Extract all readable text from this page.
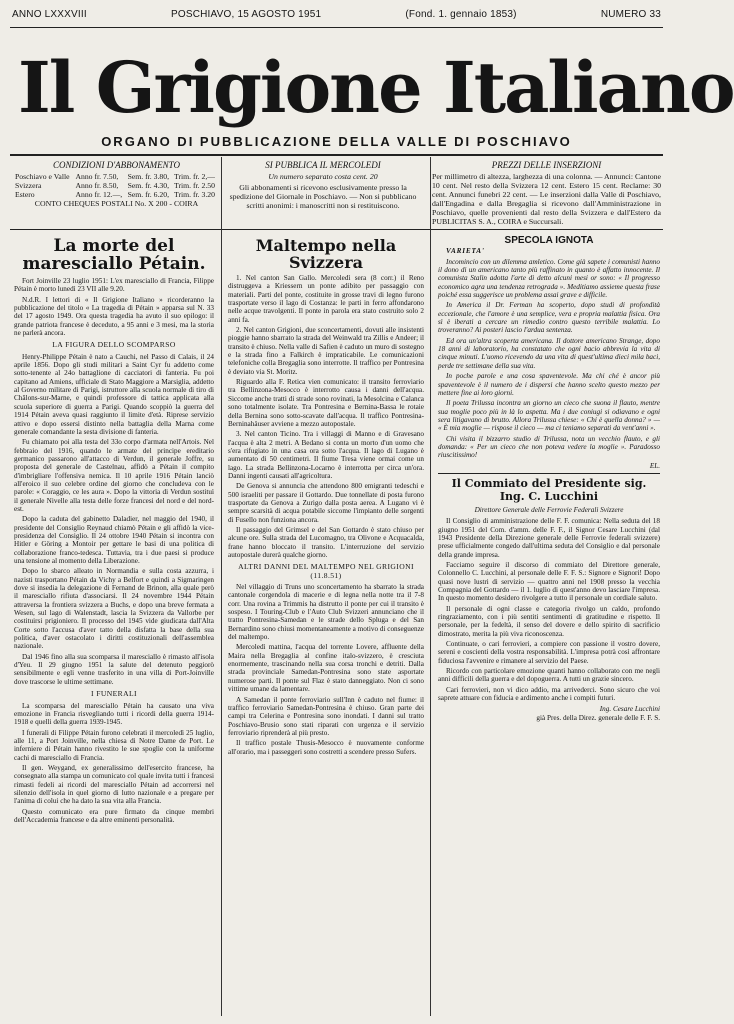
ANNO LXXXVIII	POSCHIAVO, 15 AGOSTO 1951	(Fond. 1. gennaio 1853)	NUMERO 33
Il Grigione Italiano
ORGANO DI PUBBLICAZIONE DELLA VALLE DI POSCHIAVO
CONDIZIONI D'ABBONAMENTO
Poschiavo e Valle	Anno fr. 7.50,	Sem. fr. 3.80,	Trim. fr. 2,—
Svizzera	Anno fr. 8.50,	Sem. fr. 4.30,	Trim. fr. 2.50
Estero	Anno fr. 12.—,	Sem. fr. 6.20,	Trim. fr. 3.20
CONTO CHEQUES POSTALI No. X 200 - COIRA
SI PUBBLICA IL MERCOLEDI
Un numero separato costa cent. 20
Gli abbonamenti si ricevono esclusivamente presso la spedizione del Giornale in Poschiavo. — Non si pubblicano scritti anonimi: i manoscritti non si restituiscono.
PREZZI DELLE INSERZIONI
Per millimetro di altezza, larghezza di una colonna. — Annunci: Cantone 10 cent. Nel resto della Svizzera 12 cent. Estero 15 cent. Reclame: 30 cent. Annunci funebri 22 cent. — Le inserzioni dalla Valle di Poschiavo, dall'Engadina e dalla Bregaglia si ricevono dall'Amministrazione in Poschiavo, quelle provenienti dal resto della Svizzera e dall'Estero da PUBLICITAS S. A., COIRA e Succursali.
La morte del maresciallo Pétain.

Fort Joinville 23 luglio 1951: L'ex maresciallo di Francia, Filippe Pétain è morto lunedì 23 VII alle 9.20.

N.d.R. I lettori di « Il Grigione Italiano » ricorderanno la pubblicazione del titolo « La tragedia di Pétain » apparsa sul N. 33 del 17 agosto 1949. Ora questa tragedia ha avuto il suo epilogo: il grande patriota francese è deceduto, a 95 anni e 3 mesi, ma la storia ne parlerà ancora.

LA FIGURA DELLO SCOMPARSO

Henry-Philippe Pétain è nato a Cauchi, nel Passo di Calais, il 24 aprile 1856. Dopo gli studi militari a Saint Cyr fu addetto come sotto-tenente al 24o battaglione di cacciatori di fanteria. Fu poi capitano ad Amiens, ufficiale di Stato Maggiore a Marsiglia, addetto al Governo militare di Parigi, istruttore alla scuola normale di tiro di Châlons-sur-Marne, e quindi professore di tattica applicata alla scuola superiore di guerra a Parigi. Quando scoppiò la guerra del 1914 Pétain aveva quasi raggiunto il limite d'età. Riprese servizio attivo e dopo essersi distinto nella battaglia della Marna come generale comandante la sesta divisione di fanteria.

Fu chiamato poi alla testa del 33o corpo d'armata nell'Artois. Nel febbraio del 1916, quando le armate del principe ereditario germanico passarono all'attacco di Verdun, il generale Joffre, su proposta del generale de Castelnau, affidò a Pétain il compito d'imbrigliare l'offensiva nemica. Il 10 aprile 1916 Pétain lanciò all'eroico il suo celebre ordine del giorno che concludeva con le parole: « Coraggio, ce les aura ». Dopo la vittoria di Verdun sostituì il generale Nivelle alla testa delle forze francesi del nord e del nord-est.

Dopo la caduta del gabinetto Daladier, nel maggio del 1940, il presidente del Consiglio Reynaud chiamò Pétain e gli affidò la vice-presidenza del Consiglio. Il 24 ottobre 1940 Pétain si incontra con Hitler e Göring a Montoir per gettare le basi di una politica di collaborazione franco-tedesca. Tuttavia, tra i due paesi si produce una tensione al momento della Liberazione.

Dopo lo sbarco alleato in Normandia e sulla costa azzurra, i nazisti trasportano Pétain da Vichy a Belfort e quindi a Sigmaringen dove si insedia la delegazione di Fernand de Brinon, alla quale però il maresciallo rifiuta d'associarsi. Il 24 novembre 1944 Pétain attraversa la frontiera svizzera a Buchs, e dopo una breve fermata a Wesen, sul lago di Walenstadt, lascia la Svizzera da Vallorbe per costituirsi prigioniero. Il processo del 1945 vide giudicata dall'Alta Corte sotto l'accusa d'aver tatto della disfatta la base della sua politica, d'aver ostacolato i diritti costituzionali dell'assemblea nazionale.

Dal 1946 fino alla sua scomparsa il maresciallo è rimasto all'isola d'Yeu. Il 29 giugno 1951 la salute del detenuto peggiorò sensibilmente e egli venne trasferito in una villa di Port-Joinville dove trascorse le ultime settimane.

I FUNERALI

La scomparsa del maresciallo Pétain ha causato una viva emozione in Francia risvegliando tutti i ricordi della guerra 1914-1918 e quelli della guerra 1939-1945.

I funerali di Filippe Pétain furono celebrati il mercoledì 25 luglio, alle 11, a Port Joinville, nella chiesa di Notre Dame de Port. Le inferniere di Pétain hanno rivestito le sue spoglie con la uniforme cachi di maresciallo di Francia.

Il gen. Weygand, ex generalissimo dell'esercito francese, ha consegnato alla stampa un comunicato col quale invita tutti i francesi rimasti fedeli ai ricordi del maresciallo Pétain ad accorrersi nel silenzio dell'isola in quel giorno di lutto nazionale e a pregare per l'anima di colui che ha dato la sua vita alla Francia.

Questo comunicato era pure firmato da cinque membri dell'Accademia francese e da altre eminenti personalità.

Maltempo nella Svizzera

1. Nel canton San Gallo. Mercoledì sera (8 corr.) il Reno distruggeva a Kriessern un ponte adibito per passaggio con materiali. Parti del ponte, costituite in grosse travi di legno furono trasportate verso il lago di Costanza: le parti in ferro affondarono nelle acque travolgenti. Il ponte in parola era stato costruito solo 2 anni fa.

2. Nel canton Grigioni, due sconcertamenti, dovuti alle insistenti pioggie hanno sbarrato la strada del Weinwald tra Zillis e Andeer; il transito è chiuso. Nella valle di Safien è caduto un muro di sostegno e la strada fino a Falkirch è impraticabile. Le comunicazioni telefoniche colla Bregaglia sono interrotte. Il traffico per Pontresina è deviato via St. Moritz.

Riguardo alla F. Retica vien comunicato: il transito ferroviario tra Bellinzona-Mesocco è interrotto causa i danni dell'acqua. Siccome anche tratti di strade sono rovinati, la Mesolcina e Calanca sono totalmente isolate. Tra Pontresina e Bernina-Bassa le rotaie della Bernina sono sotto-scavate dall'acqua. Il traffico Pontresina-Berninahäuser avviene a mezzo autopostale.

3. Nel canton Ticino. Tra i villaggi di Manno e di Gravesano l'acqua è alta 2 metri. A Bedano si conta un morto d'un uomo che s'era rifugiato in una casa ora sotto l'acqua. Il lago di Lugano è aumentato di 50 centimetri. Il fiume Tresa viene ormai come un lago. La strada Bellinzona-Locarno è interrotta per circa un'ora. Danni ingenti causati all'agricoltura.

De Genova si annuncia che attendono 800 emigranti tedeschi e 500 israeliti per passare il Gottardo. Due tonnellate di posta furono trasportate da Genova a Zurigo dalla posta aerea. A Lugano vi è sempre scarsità di acqua potabile siccome l'impianto delle sorgenti di Fusello non funziona ancora.

Il passaggio del Grimsel e del San Gottardo è stato chiuso per alcune ore. Sulla strada del Lucomagno, tra Olivone e Acquacalda, frane hanno bloccato il transito. L'interruzione del servizio autopostale durerà qualche giorno.

ALTRI DANNI DEL MALTEMPO NEL GRIGIONI (11.8.51)

Nel villaggio di Truns uno sconcertamento ha sbarrato la strada cantonale corgendola di macerie e di legna nella notte tra il 7-8 corr. Una rovina a Trimmis ha distrutto il ponte per cui il transito è sospeso. I Touring-Club e l'Auto Club Svizzeri annunciano che il tratto Pontresina-Samedan e le strade dello Spluga e del San Bernardino sono chiusi momentaneamente a motivo di conseguenze del maltempo.

Mercoledì mattina, l'acqua del torrente Lovere, affluente della Maira nella Bregaglia al confine italo-svizzero, è cresciuta enormemente, trascinando nella sua corsa tronchi e detriti. Dalla strada provinciale Samedan-Pontresina sono state asportate numerose parti. Il ponte sul Flaz è stato danneggiato. Non ci sono vittime umane da lamentare.

A Samedan il ponte ferroviario sull'Inn è caduto nel fiume: il traffico ferroviario Samedan-Pontresina è chiuso. Gran parte dei campi tra Celerina e Pontresina sono inondati. I danni sul tratto Poschiavo-Brusio sono stati riparati con urgenza e il servizio ferroviario riprenderà al più presto.

Il traffico postale Thusis-Mesocco è nuovamente conforme all'orario, ma i passeggeri sono costretti a scendere presso Sufers.

SPECOLA IGNOTA

VARIETA'

Incomincio con un dilemma amletico. Come già sapete i comunisti hanno il dono di un americano tanto più raffinato in quanto è affatto innocente. Il comunista Stalin adotta l'arte di detto alcuni mesi or sono: « Il progresso economico agra una tendenza retrograda ». Meditiamo assieme questa frase poiché essa suggerisce un problema assai grave e difficile.

In America il Dr. Ferman ha scoperto, dopo studi di profondità eccezionale, che l'amore è una semplice, vera e propria malattia fisica. Ora sì è iberati a cercare un rimedio contro questo terribile malattia. Lo troveranno? Ai posteri lascio l'ardua sentenza.

Ed ora un'altra scoperta americana. Il dottore americano Strange, dopo 18 anni di laboratorio, ha constatato che ogni bacio abbrevia la vita di cinque minuti. L'uomo ricevendo da una vita di quest'ultima dieci mila baci, perde tre settimane della sua vita.

In poche parole e una cosa spaventevole. Ma chi ché è ancor più spaventevole è il numero de i dispersi che hanno scelto questo mezzo per mettere fine ai loro giorni.

Il poeta Trilussa incontra un giorno un cieco che suona il flauto, mentre sua moglie poco più in là lo aspetta. Ma i due coniugi si odiavano e ogni sera litigavano di brutto. Allora Trilussa chiese: « Chi è quella donna? » — « È mia moglie — rispose il cieco — ma ci teniamo separati da vent'anni ».

Chi visita il bizzarro studio di Trilussa, nota un vecchio flauto, e gli domanda: « Per un cieco che non poteva vedere la moglie ». Paradosso riuscitissimo!

EL.
Il Commiato del Presidente sig. Ing. C. Lucchini
Direttore Generale delle Ferrovie Federali Svizzere

Il Consiglio di amministrazione delle F. F. comunica: Nella seduta del 18 giugno 1951 del Com. d'amm. delle F. F., il Signor Cesare Lucchini (dal 1943 Presidente della Direzione generale delle Ferrovie federali svizzere) prese ufficialmente congedo dall'ultima seduta del Consiglio e dal personale della grande impresa.

Facciamo seguire il discorso di commiato del Direttore generale, Colonnello C. Lucchini, al personale delle F. F. S.: Signore e Signori! Dopo quasi nove lustri di servizio — quattro anni nel 1908 presso la vecchia Compagnia del Gottardo — il 1. luglio di quest'anno devo lasciare l'impresa. In questo momento desidero rivolgere a tutto il personale un cordiale saluto.

Il personale di ogni classe e categoria rivolgo un caldo, profondo ringraziamento, con i più sentiti sentimenti di gratitudine e rispetto. Il personale, per la fedeltà, il senso del dovere e dello spirito di sacrificio dimostrato, merita la più viva riconoscenza.

Continuate, o cari ferrovieri, a compiere con passione il vostro dovere, sereni e coscienti della vostra responsabilità. L'impresa potrà così affrontare fiduciosa l'avvenire e rimanere al servizio del Paese.

Ricordo con particolare emozione quanti hanno collaborato con me negli anni difficili della guerra e del dopoguerra. A tutti un grazie sincero.

Cari ferrovieri, non vi dico addio, ma arrivederci. Sono sicuro che voi saprete attuare con fiducia e ardimento anche i compiti futuri.

Ing. Cesare Lucchini
già Pres. della Direz. generale delle F. F. S.
